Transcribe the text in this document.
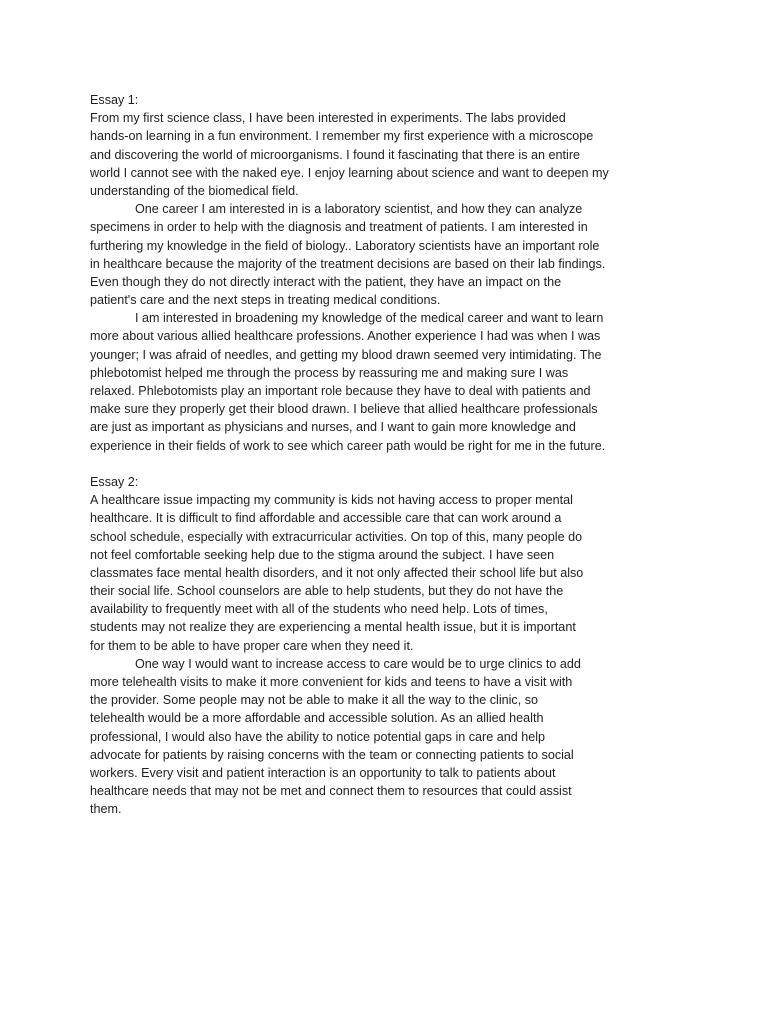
Essay 1:
From my first science class, I have been interested in experiments. The labs provided
hands-on learning in a fun environment. I remember my first experience with a microscope
and discovering the world of microorganisms. I found it fascinating that there is an entire
world I cannot see with the naked eye. I enjoy learning about science and want to deepen my
understanding of the biomedical field.
One career I am interested in is a laboratory scientist, and how they can analyze
specimens in order to help with the diagnosis and treatment of patients. I am interested in
furthering my knowledge in the field of biology.. Laboratory scientists have an important role
in healthcare because the majority of the treatment decisions are based on their lab findings.
Even though they do not directly interact with the patient, they have an impact on the
patient's care and the next steps in treating medical conditions.
I am interested in broadening my knowledge of the medical career and want to learn
more about various allied healthcare professions. Another experience I had was when I was
younger; I was afraid of needles, and getting my blood drawn seemed very intimidating. The
phlebotomist helped me through the process by reassuring me and making sure I was
relaxed. Phlebotomists play an important role because they have to deal with patients and
make sure they properly get their blood drawn. I believe that allied healthcare professionals
are just as important as physicians and nurses, and I want to gain more knowledge and
experience in their fields of work to see which career path would be right for me in the future.
Essay 2:
A healthcare issue impacting my community is kids not having access to proper mental
healthcare. It is difficult to find affordable and accessible care that can work around a
school schedule, especially with extracurricular activities. On top of this, many people do
not feel comfortable seeking help due to the stigma around the subject. I have seen
classmates face mental health disorders, and it not only affected their school life but also
their social life. School counselors are able to help students, but they do not have the
availability to frequently meet with all of the students who need help. Lots of times,
students may not realize they are experiencing a mental health issue, but it is important
for them to be able to have proper care when they need it.
One way I would want to increase access to care would be to urge clinics to add
more telehealth visits to make it more convenient for kids and teens to have a visit with
the provider. Some people may not be able to make it all the way to the clinic, so
telehealth would be a more affordable and accessible solution. As an allied health
professional, I would also have the ability to notice potential gaps in care and help
advocate for patients by raising concerns with the team or connecting patients to social
workers. Every visit and patient interaction is an opportunity to talk to patients about
healthcare needs that may not be met and connect them to resources that could assist
them.
